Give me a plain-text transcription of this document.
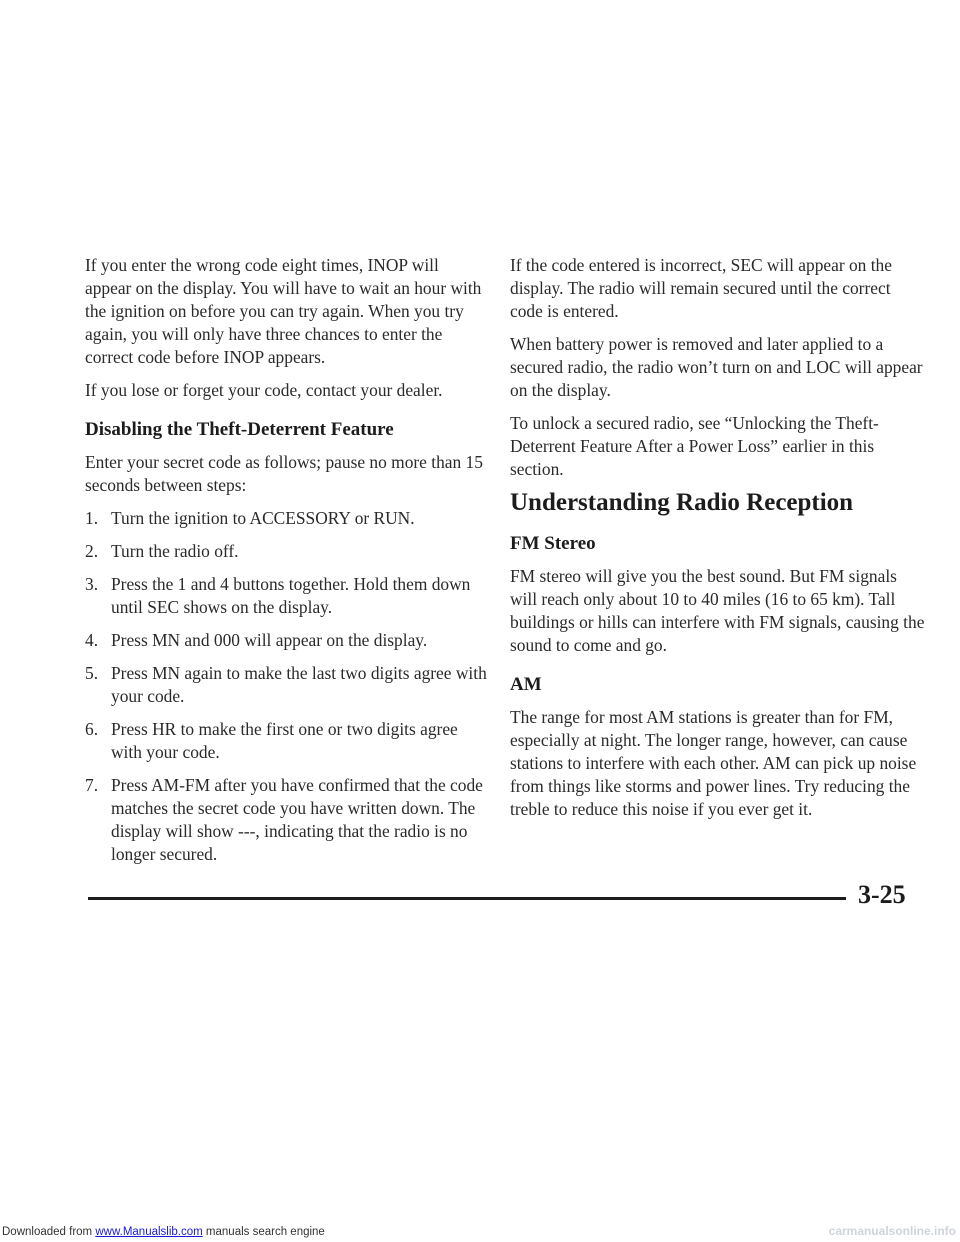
If you enter the wrong code eight times, INOP will appear on the display. You will have to wait an hour with the ignition on before you can try again. When you try again, you will only have three chances to enter the correct code before INOP appears.

If you lose or forget your code, contact your dealer.

Disabling the Theft-Deterrent Feature

Enter your secret code as follows; pause no more than 15 seconds between steps:

1. Turn the ignition to ACCESSORY or RUN.
2. Turn the radio off.
3. Press the 1 and 4 buttons together. Hold them down until SEC shows on the display.
4. Press MN and 000 will appear on the display.
5. Press MN again to make the last two digits agree with your code.
6. Press HR to make the first one or two digits agree with your code.
7. Press AM-FM after you have confirmed that the code matches the secret code you have written down. The display will show ---, indicating that the radio is no longer secured.

If the code entered is incorrect, SEC will appear on the display. The radio will remain secured until the correct code is entered.

When battery power is removed and later applied to a secured radio, the radio won’t turn on and LOC will appear on the display.

To unlock a secured radio, see “Unlocking the Theft-Deterrent Feature After a Power Loss” earlier in this section.

Understanding Radio Reception
FM Stereo

FM stereo will give you the best sound. But FM signals will reach only about 10 to 40 miles (16 to 65 km). Tall buildings or hills can interfere with FM signals, causing the sound to come and go.

AM

The range for most AM stations is greater than for FM, especially at night. The longer range, however, can cause stations to interfere with each other. AM can pick up noise from things like storms and power lines. Try reducing the treble to reduce this noise if you ever get it.

3-25
Downloaded from www.Manualslib.com manuals search engine	carmanualsonline.info
